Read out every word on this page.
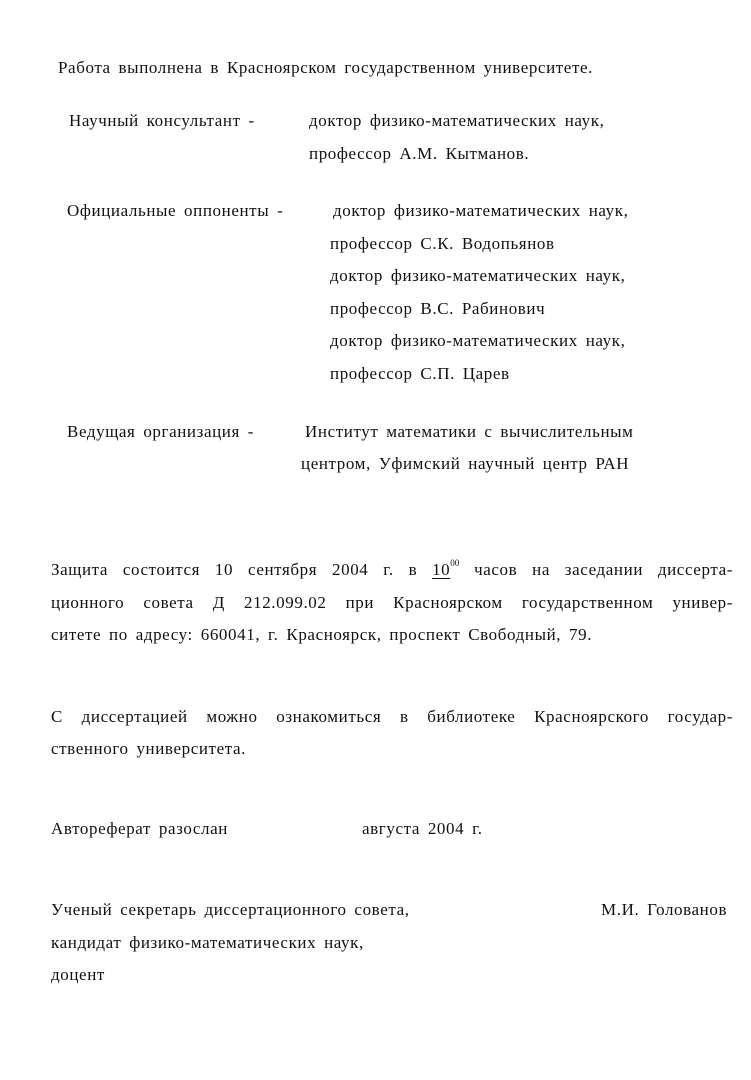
Работа выполнена в Красноярском государственном университете.
Научный консультант -	доктор физико-математических наук,
профессор А.М. Кытманов.
Официальные оппоненты -	доктор физико-математических наук,
профессор С.К. Водопьянов
доктор физико-математических наук,
профессор В.С. Рабинович
доктор физико-математических наук,
профессор С.П. Царев
Ведущая организация -	Институт математики с вычислительным
центром, Уфимский научный центр РАН
Защита состоится 10 сентября 2004 г. в $10^{00}$ часов на заседании диссерта-
ционного совета Д 212.099.02 при Красноярском государственном универ-
ситете по адресу: 660041, г. Красноярск, проспект Свободный, 79.
С диссертацией можно ознакомиться в библиотеке Красноярского государ-
ственного университета.
Автореферат разослан	августа 2004 г.
Ученый секретарь диссертационного совета,	М.И. Голованов
кандидат физико-математических наук,
доцент
